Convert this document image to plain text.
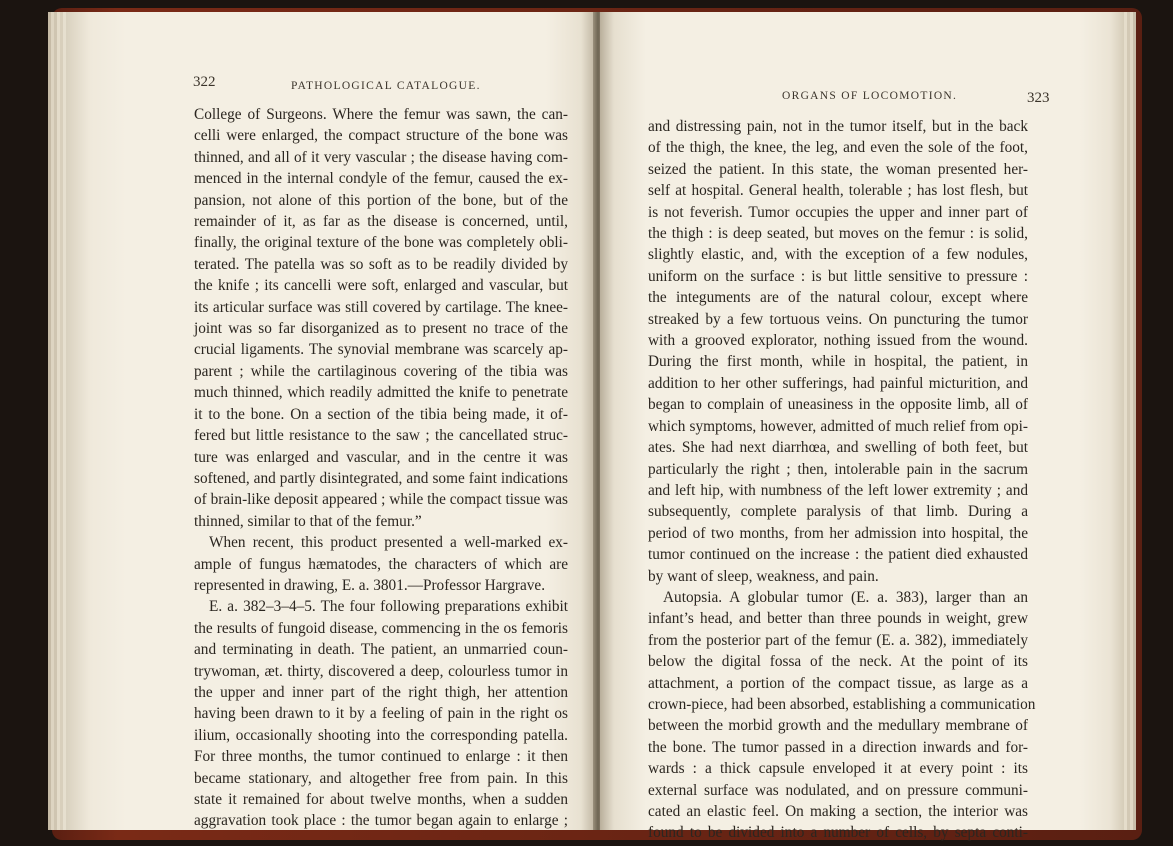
322	PATHOLOGICAL CATALOGUE.
College of Surgeons. Where the femur was sawn, the can-
celli were enlarged, the compact structure of the bone was
thinned, and all of it very vascular ; the disease having com-
menced in the internal condyle of the femur, caused the ex-
pansion, not alone of this portion of the bone, but of the
remainder of it, as far as the disease is concerned, until,
finally, the original texture of the bone was completely obli-
terated. The patella was so soft as to be readily divided by
the knife ; its cancelli were soft, enlarged and vascular, but
its articular surface was still covered by cartilage. The knee-
joint was so far disorganized as to present no trace of the
crucial ligaments. The synovial membrane was scarcely ap-
parent ; while the cartilaginous covering of the tibia was
much thinned, which readily admitted the knife to penetrate
it to the bone. On a section of the tibia being made, it of-
fered but little resistance to the saw ; the cancellated struc-
ture was enlarged and vascular, and in the centre it was
softened, and partly disintegrated, and some faint indications
of brain-like deposit appeared ; while the compact tissue was
thinned, similar to that of the femur.”
When recent, this product presented a well-marked ex-
ample of fungus hæmatodes, the characters of which are
represented in drawing, E. a. 3801.—Professor Hargrave.
E. a. 382–3–4–5. The four following preparations exhibit
the results of fungoid disease, commencing in the os femoris
and terminating in death. The patient, an unmarried coun-
trywoman, æt. thirty, discovered a deep, colourless tumor in
the upper and inner part of the right thigh, her attention
having been drawn to it by a feeling of pain in the right os
ilium, occasionally shooting into the corresponding patella.
For three months, the tumor continued to enlarge : it then
became stationary, and altogether free from pain. In this
state it remained for about twelve months, when a sudden
aggravation took place : the tumor began again to enlarge ;
ORGANS OF LOCOMOTION.	323
and distressing pain, not in the tumor itself, but in the back
of the thigh, the knee, the leg, and even the sole of the foot,
seized the patient. In this state, the woman presented her-
self at hospital. General health, tolerable ; has lost flesh, but
is not feverish. Tumor occupies the upper and inner part of
the thigh : is deep seated, but moves on the femur : is solid,
slightly elastic, and, with the exception of a few nodules,
uniform on the surface : is but little sensitive to pressure :
the integuments are of the natural colour, except where
streaked by a few tortuous veins. On puncturing the tumor
with a grooved explorator, nothing issued from the wound.
During the first month, while in hospital, the patient, in
addition to her other sufferings, had painful micturition, and
began to complain of uneasiness in the opposite limb, all of
which symptoms, however, admitted of much relief from opi-
ates. She had next diarrhœa, and swelling of both feet, but
particularly the right ; then, intolerable pain in the sacrum
and left hip, with numbness of the left lower extremity ; and
subsequently, complete paralysis of that limb. During a
period of two months, from her admission into hospital, the
tumor continued on the increase : the patient died exhausted
by want of sleep, weakness, and pain.
Autopsia. A globular tumor (E. a. 383), larger than an
infant’s head, and better than three pounds in weight, grew
from the posterior part of the femur (E. a. 382), immediately
below the digital fossa of the neck. At the point of its
attachment, a portion of the compact tissue, as large as a
crown-piece, had been absorbed, establishing a communication
between the morbid growth and the medullary membrane of
the bone. The tumor passed in a direction inwards and for-
wards : a thick capsule enveloped it at every point : its
external surface was nodulated, and on pressure communi-
cated an elastic feel. On making a section, the interior was
found to be divided into a number of cells, by septa conti-
